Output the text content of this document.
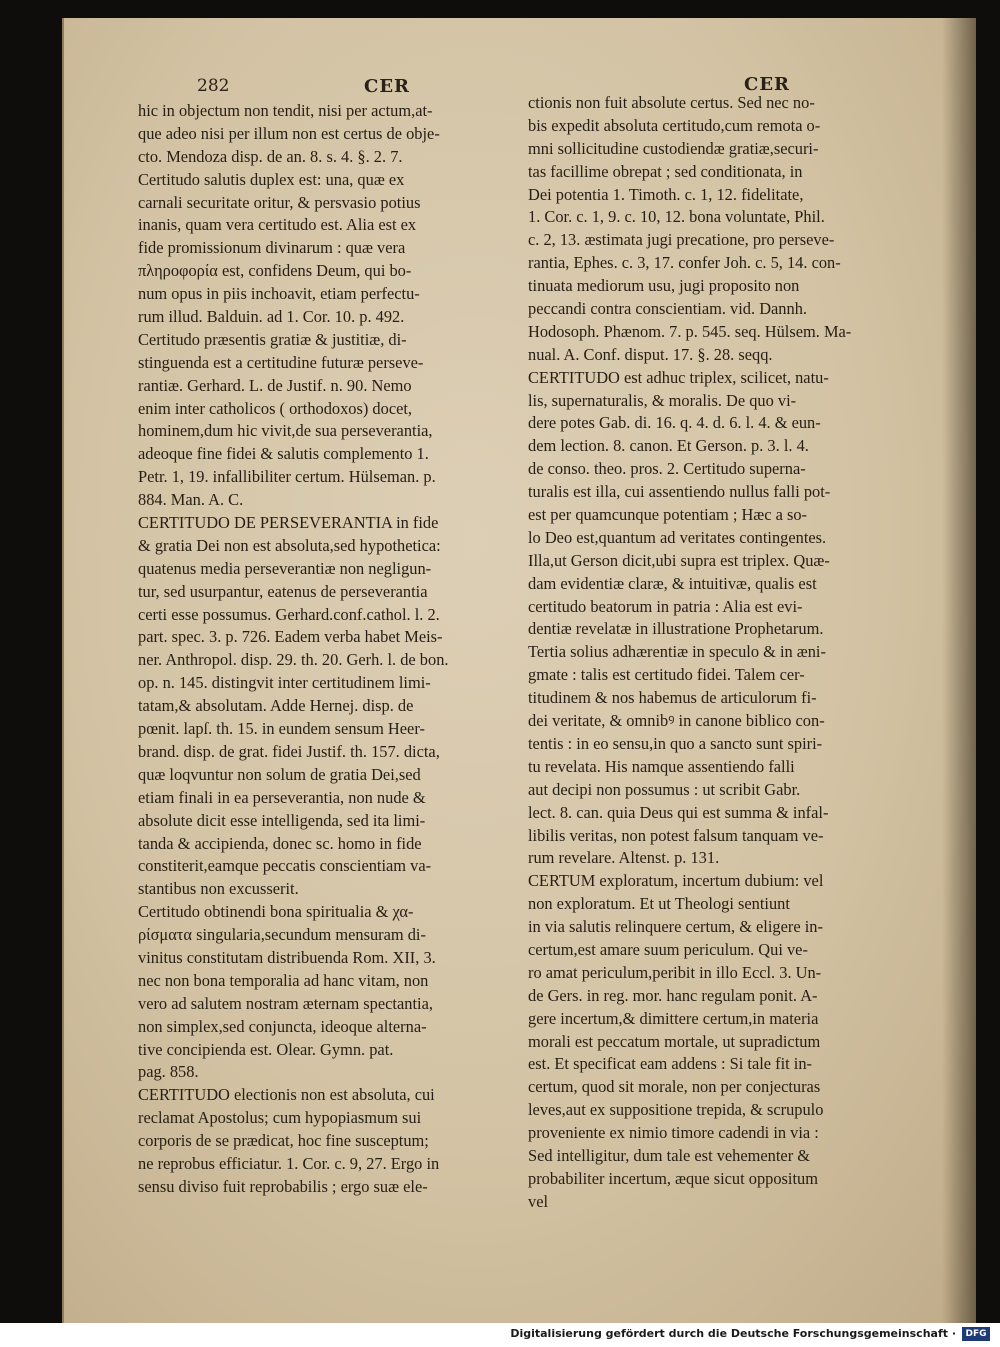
282	CER	CER
hic in objectum non tendit, nisi per actum,at-
que adeo nisi per illum non est certus de obje-
cto. Mendoza disp. de an. 8. s. 4. §. 2. 7.
Certitudo salutis duplex est: una, quæ ex
carnali securitate oritur, & persvasio potius
inanis, quam vera certitudo est. Alia est ex
fide promissionum divinarum : quæ vera
πληροφορία est, confidens Deum, qui bo-
num opus in piis inchoavit, etiam perfectu-
rum illud. Balduin. ad 1. Cor. 10. p. 492.
Certitudo præsentis gratiæ & justitiæ, di-
stinguenda est a certitudine futuræ perseve-
rantiæ. Gerhard. L. de Justif. n. 90. Nemo
enim inter catholicos ( orthodoxos) docet,
hominem,dum hic vivit,de sua perseverantia,
adeoque fine fidei & salutis complemento 1.
Petr. 1, 19. infallibiliter certum. Hülseman. p.
884. Man. A. C.
CERTITUDO DE PERSEVERANTIA in fide
& gratia Dei non est absoluta,sed hypothetica:
quatenus media perseverantiæ non negligun-
tur, sed usurpantur, eatenus de perseverantia
certi esse possumus. Gerhard.conf.cathol. l. 2.
part. spec. 3. p. 726. Eadem verba habet Meis-
ner. Anthropol. disp. 29. th. 20. Gerh. l. de bon.
op. n. 145. distingvit inter certitudinem limi-
tatam,& absolutam. Adde Hernej. disp. de
pœnit. lapſ. th. 15. in eundem sensum Heer-
brand. disp. de grat. fidei Justif. th. 157. dicta,
quæ loqvuntur non solum de gratia Dei,sed
etiam finali in ea perseverantia, non nude &
absolute dicit esse intelligenda, sed ita limi-
tanda & accipienda, donec sc. homo in fide
constiterit,eamque peccatis conscientiam va-
stantibus non excusserit.
Certitudo obtinendi bona spiritualia & χα-
ρίσματα singularia,secundum mensuram di-
vinitus constitutam distribuenda Rom. XII, 3.
nec non bona temporalia ad hanc vitam, non
vero ad salutem nostram æternam spectantia,
non simplex,sed conjuncta, ideoque alterna-
tive concipienda est. Olear. Gymn. pat.
pag. 858.
CERTITUDO electionis non est absoluta, cui
reclamat Apostolus; cum hypopiasmum sui
corporis de se prædicat, hoc fine susceptum;
ne reprobus efficiatur. 1. Cor. c. 9, 27. Ergo in
sensu diviso fuit reprobabilis ; ergo suæ ele-
ctionis non fuit absolute certus. Sed nec no-
bis expedit absoluta certitudo,cum remota o-
mni sollicitudine custodiendæ gratiæ,securi-
tas facillime obrepat ; sed conditionata, in
Dei potentia 1. Timoth. c. 1, 12. fidelitate,
1. Cor. c. 1, 9. c. 10, 12. bona voluntate, Phil.
c. 2, 13. æstimata jugi precatione, pro perseve-
rantia, Ephes. c. 3, 17. confer Joh. c. 5, 14. con-
tinuata mediorum usu, jugi proposito non
peccandi contra conscientiam. vid. Dannh.
Hodosoph. Phænom. 7. p. 545. seq. Hülsem. Ma-
nual. A. Conf. disput. 17. §. 28. seqq.
CERTITUDO est adhuc triplex, scilicet, natu-
lis, supernaturalis, & moralis. De quo vi-
dere potes Gab. di. 16. q. 4. d. 6. l. 4. & eun-
dem lection. 8. canon. Et Gerson. p. 3. l. 4.
de conso. theo. pros. 2. Certitudo superna-
turalis est illa, cui assentiendo nullus falli pot-
est per quamcunque potentiam ; Hæc a so-
lo Deo est,quantum ad veritates contingentes.
Illa,ut Gerson dicit,ubi supra est triplex. Quæ-
dam evidentiæ claræ, & intuitivæ, qualis est
certitudo beatorum in patria : Alia est evi-
dentiæ revelatæ in illustratione Prophetarum.
Tertia solius adhærentiæ in speculo & in æni-
gmate : talis est certitudo fidei. Talem cer-
titudinem & nos habemus de articulorum fi-
dei veritate, & omnibꝰ in canone biblico con-
tentis : in eo sensu,in quo a sancto sunt spiri-
tu revelata. His namque assentiendo falli
aut decipi non possumus : ut scribit Gabr.
lect. 8. can. quia Deus qui est summa & infal-
libilis veritas, non potest falsum tanquam ve-
rum revelare. Altenst. p. 131.
CERTUM exploratum, incertum dubium: vel
non exploratum. Et ut Theologi sentiunt
in via salutis relinquere certum, & eligere in-
certum,est amare suum periculum. Qui ve-
ro amat periculum,peribit in illo Eccl. 3. Un-
de Gers. in reg. mor. hanc regulam ponit. A-
gere incertum,& dimittere certum,in materia
morali est peccatum mortale, ut supradictum
est. Et specificat eam addens : Si tale fit in-
certum, quod sit morale, non per conjecturas
leves,aut ex suppositione trepida, & scrupulo
proveniente ex nimio timore cadendi in via :
Sed intelligitur, dum tale est vehementer &
probabiliter incertum, æque sicut oppositum
vel
Digitalisierung gefördert durch die Deutsche Forschungsgemeinschaft ·	DFG
